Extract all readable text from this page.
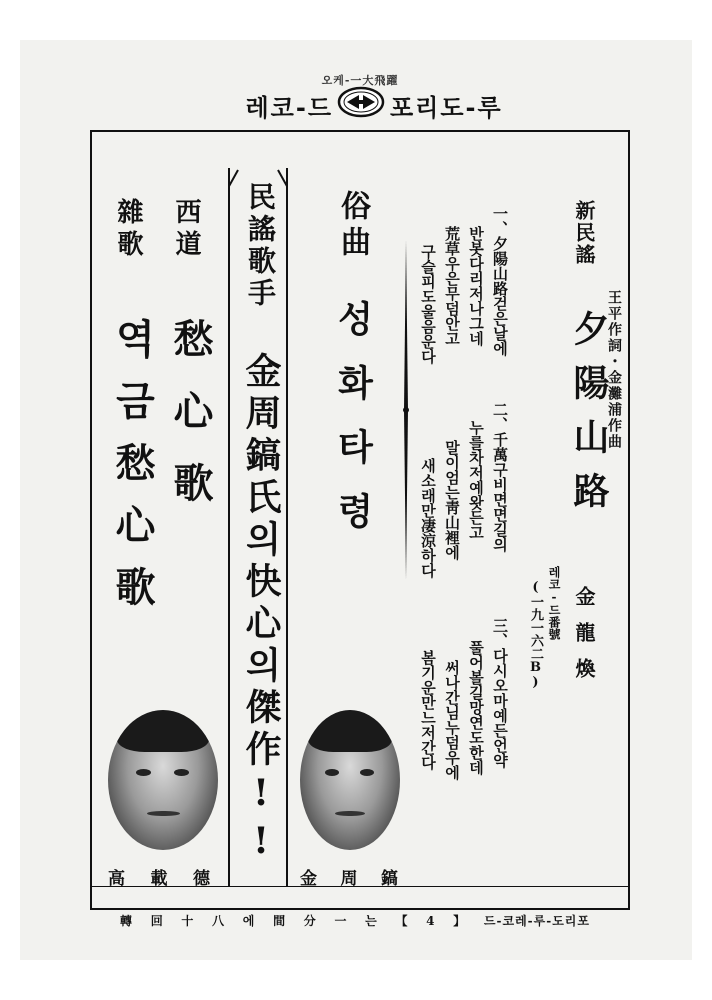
오케-一大飛躍
레코-드 포리도-루
西道
雜歌
愁心歌
역금愁心歌
高載德
民謠歌手
金周鎬氏의快心의傑作!!
俗曲
성화타령
金周鎬
一、夕陽山路걷은날에
반봇다리저나그네
荒草우은무덤안고
구슬피도울음운다
二、千萬구비면면길의
누를차저예왓든고
말이엄는靑山裡에
새소래만凄涼하다
三、다시오마예든언약
풀어볼길망연도한데
써나간님누덤우에
봄기운만느저간다
新民謠
夕陽山路
王平作詞・金灘浦作曲
레코-드番號
(一九一六二B) 金龍煥
轉回十八에間分一는【4】드-코레-루-도리포
